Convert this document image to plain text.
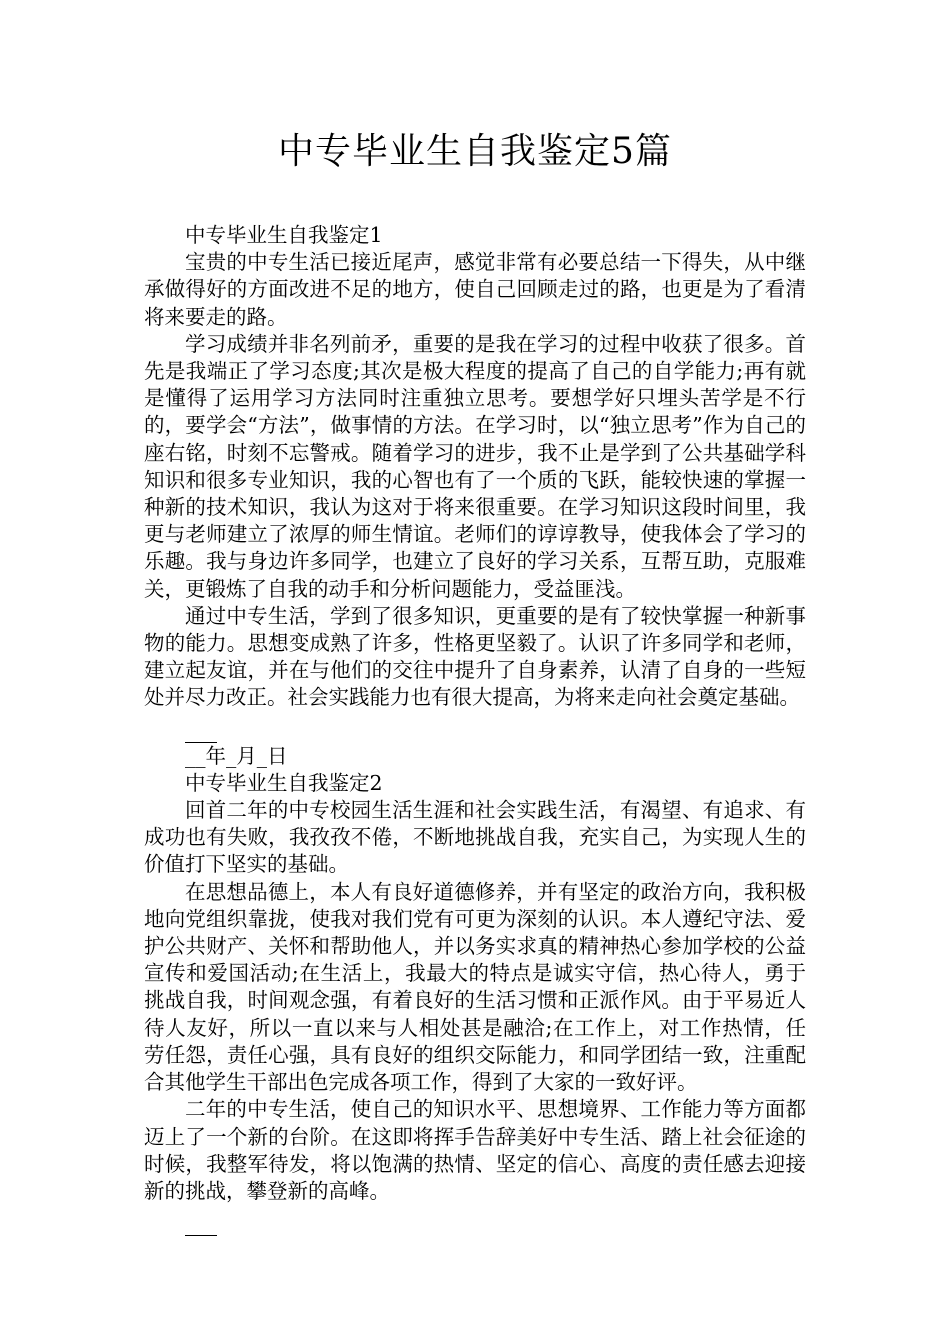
中专毕业生自我鉴定5篇

中专毕业生自我鉴定1

宝贵的中专生活已接近尾声，感觉非常有必要总结一下得失，从中继承做得好的方面改进不足的地方，使自己回顾走过的路，也更是为了看清将来要走的路。

学习成绩并非名列前矛，重要的是我在学习的过程中收获了很多。首先是我端正了学习态度;其次是极大程度的提高了自己的自学能力;再有就是懂得了运用学习方法同时注重独立思考。要想学好只埋头苦学是不行的，要学会“方法”，做事情的方法。在学习时，以“独立思考”作为自己的座右铭，时刻不忘警戒。随着学习的进步，我不止是学到了公共基础学科知识和很多专业知识，我的心智也有了一个质的飞跃，能较快速的掌握一种新的技术知识，我认为这对于将来很重要。在学习知识这段时间里，我更与老师建立了浓厚的师生情谊。老师们的谆谆教导，使我体会了学习的乐趣。我与身边许多同学，也建立了良好的学习关系，互帮互助，克服难关，更锻炼了自我的动手和分析问题能力，受益匪浅。

通过中专生活，学到了很多知识，更重要的是有了较快掌握一种新事物的能力。思想变成熟了许多，性格更坚毅了。认识了许多同学和老师，建立起友谊，并在与他们的交往中提升了自身素养，认清了自身的一些短处并尽力改正。社会实践能力也有很大提高，为将来走向社会奠定基础。

__年_月_日

中专毕业生自我鉴定2

回首二年的中专校园生活生涯和社会实践生活，有渴望、有追求、有成功也有失败，我孜孜不倦，不断地挑战自我，充实自己，为实现人生的价值打下坚实的基础。

在思想品德上，本人有良好道德修养，并有坚定的政治方向，我积极地向党组织靠拢，使我对我们党有可更为深刻的认识。本人遵纪守法、爱护公共财产、关怀和帮助他人，并以务实求真的精神热心参加学校的公益宣传和爱国活动;在生活上，我最大的特点是诚实守信，热心待人，勇于挑战自我，时间观念强，有着良好的生活习惯和正派作风。由于平易近人待人友好，所以一直以来与人相处甚是融洽;在工作上，对工作热情，任劳任怨，责任心强，具有良好的组织交际能力，和同学团结一致，注重配合其他学生干部出色完成各项工作，得到了大家的一致好评。

二年的中专生活，使自己的知识水平、思想境界、工作能力等方面都迈上了一个新的台阶。在这即将挥手告辞美好中专生活、踏上社会征途的时候，我整军待发，将以饱满的热情、坚定的信心、高度的责任感去迎接新的挑战，攀登新的高峰。
